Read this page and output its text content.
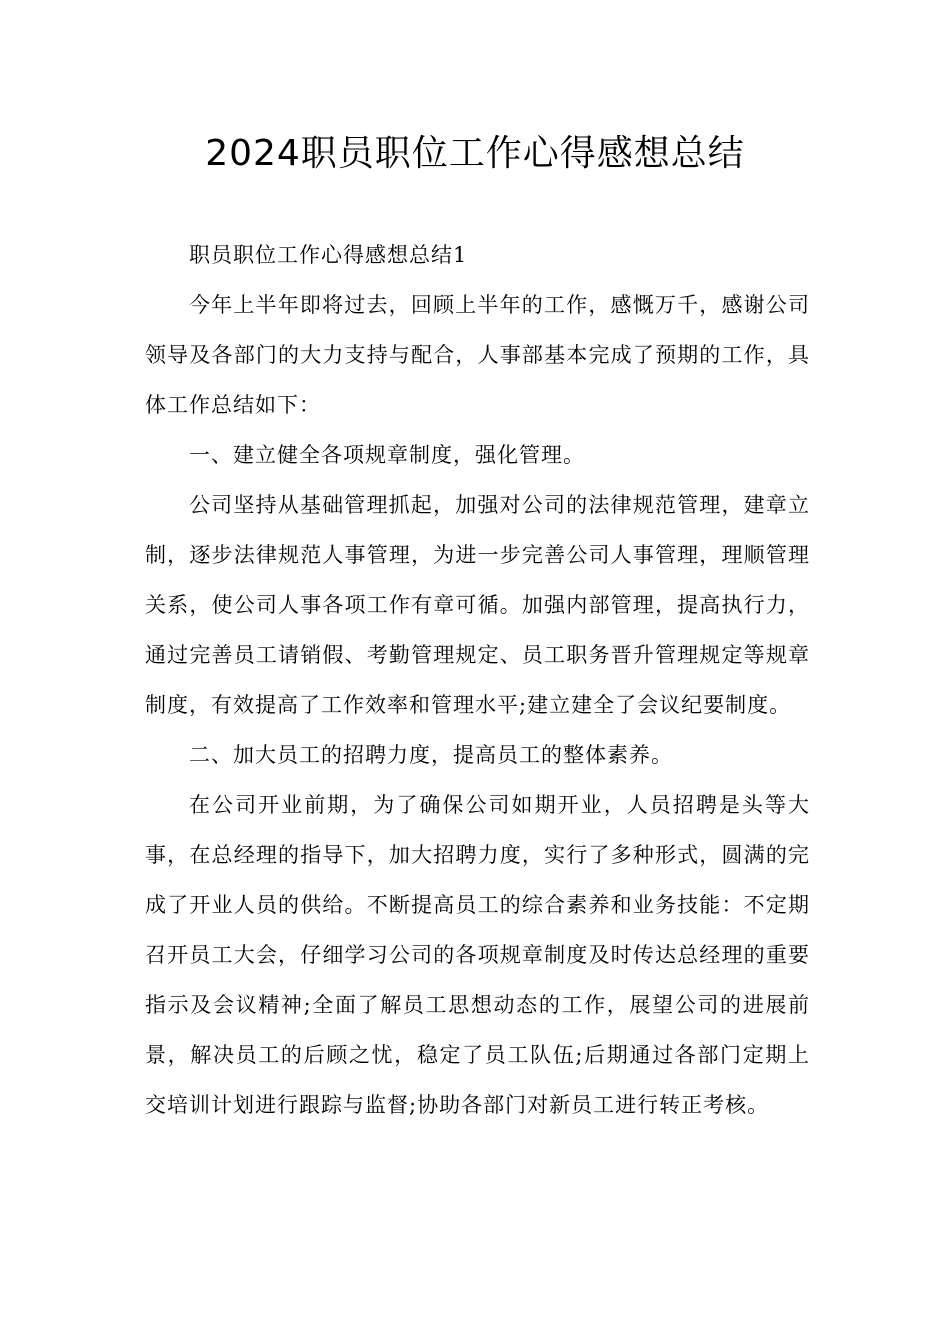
2024职员职位工作心得感想总结

职员职位工作心得感想总结1

今年上半年即将过去，回顾上半年的工作，感慨万千，感谢公司领导及各部门的大力支持与配合，人事部基本完成了预期的工作，具体工作总结如下：

一、建立健全各项规章制度，强化管理。

公司坚持从基础管理抓起，加强对公司的法律规范管理，建章立制，逐步法律规范人事管理，为进一步完善公司人事管理，理顺管理关系，使公司人事各项工作有章可循。加强内部管理，提高执行力，通过完善员工请销假、考勤管理规定、员工职务晋升管理规定等规章制度，有效提高了工作效率和管理水平;建立建全了会议纪要制度。

二、加大员工的招聘力度，提高员工的整体素养。

在公司开业前期，为了确保公司如期开业，人员招聘是头等大事，在总经理的指导下，加大招聘力度，实行了多种形式，圆满的完成了开业人员的供给。不断提高员工的综合素养和业务技能：不定期召开员工大会，仔细学习公司的各项规章制度及时传达总经理的重要指示及会议精神;全面了解员工思想动态的工作，展望公司的进展前景，解决员工的后顾之忧，稳定了员工队伍;后期通过各部门定期上交培训计划进行跟踪与监督;协助各部门对新员工进行转正考核。
